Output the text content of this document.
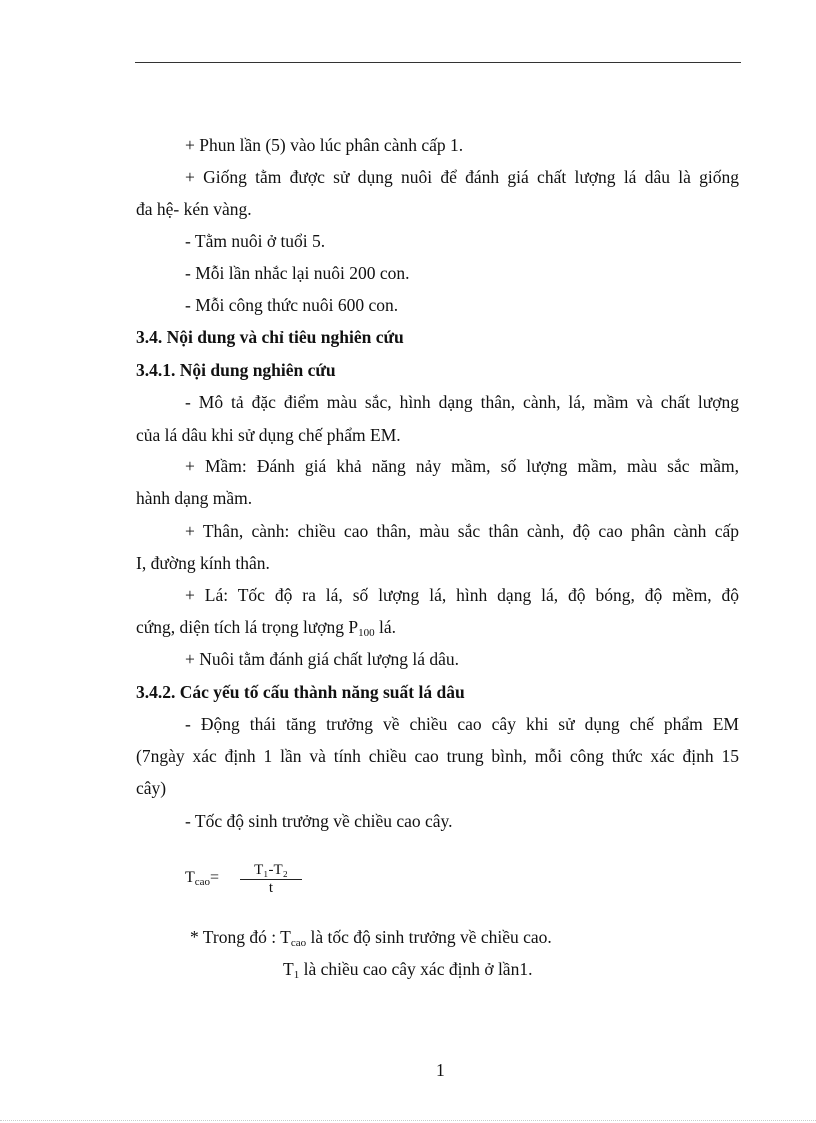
+ Phun lần (5) vào lúc phân cành cấp 1.
+ Giống tằm được sử dụng nuôi để đánh giá chất lượng lá dâu là giống
đa hệ- kén vàng.
- Tằm nuôi ở tuổi 5.
- Mỗi lần nhắc lại nuôi 200 con.
- Mỗi công thức nuôi 600 con.
3.4. Nội dung và chỉ tiêu nghiên cứu
3.4.1. Nội dung nghiên cứu
- Mô tả đặc điểm màu sắc, hình dạng thân, cành, lá, mầm và chất lượng
của lá dâu khi sử dụng chế phẩm EM.
+ Mầm: Đánh giá khả năng nảy mầm, số lượng mầm, màu sắc mầm,
hành dạng mầm.
+ Thân, cành: chiều cao thân, màu sắc thân cành, độ cao phân cành cấp
I, đường kính thân.
+ Lá: Tốc độ ra lá, số lượng lá, hình dạng lá, độ bóng, độ mềm, độ
cứng, diện tích lá trọng lượng $P_{100}$ lá.
+ Nuôi tằm đánh giá chất lượng lá dâu.
3.4.2. Các yếu tố cấu thành năng suất lá dâu
- Động thái tăng trưởng về chiều cao cây khi sử dụng chế phẩm EM
(7ngày xác định 1 lần và tính chiều cao trung bình, mỗi công thức xác định 15
cây)
- Tốc độ sinh trưởng về chiều cao cây.
$T_{cao}= \frac{\text{T₁-T₂}}{t}$
* Trong đó : $T_{cao}$ là tốc độ sinh trưởng về chiều cao.
$T_1$ là chiều cao cây xác định ở lần1.
1
